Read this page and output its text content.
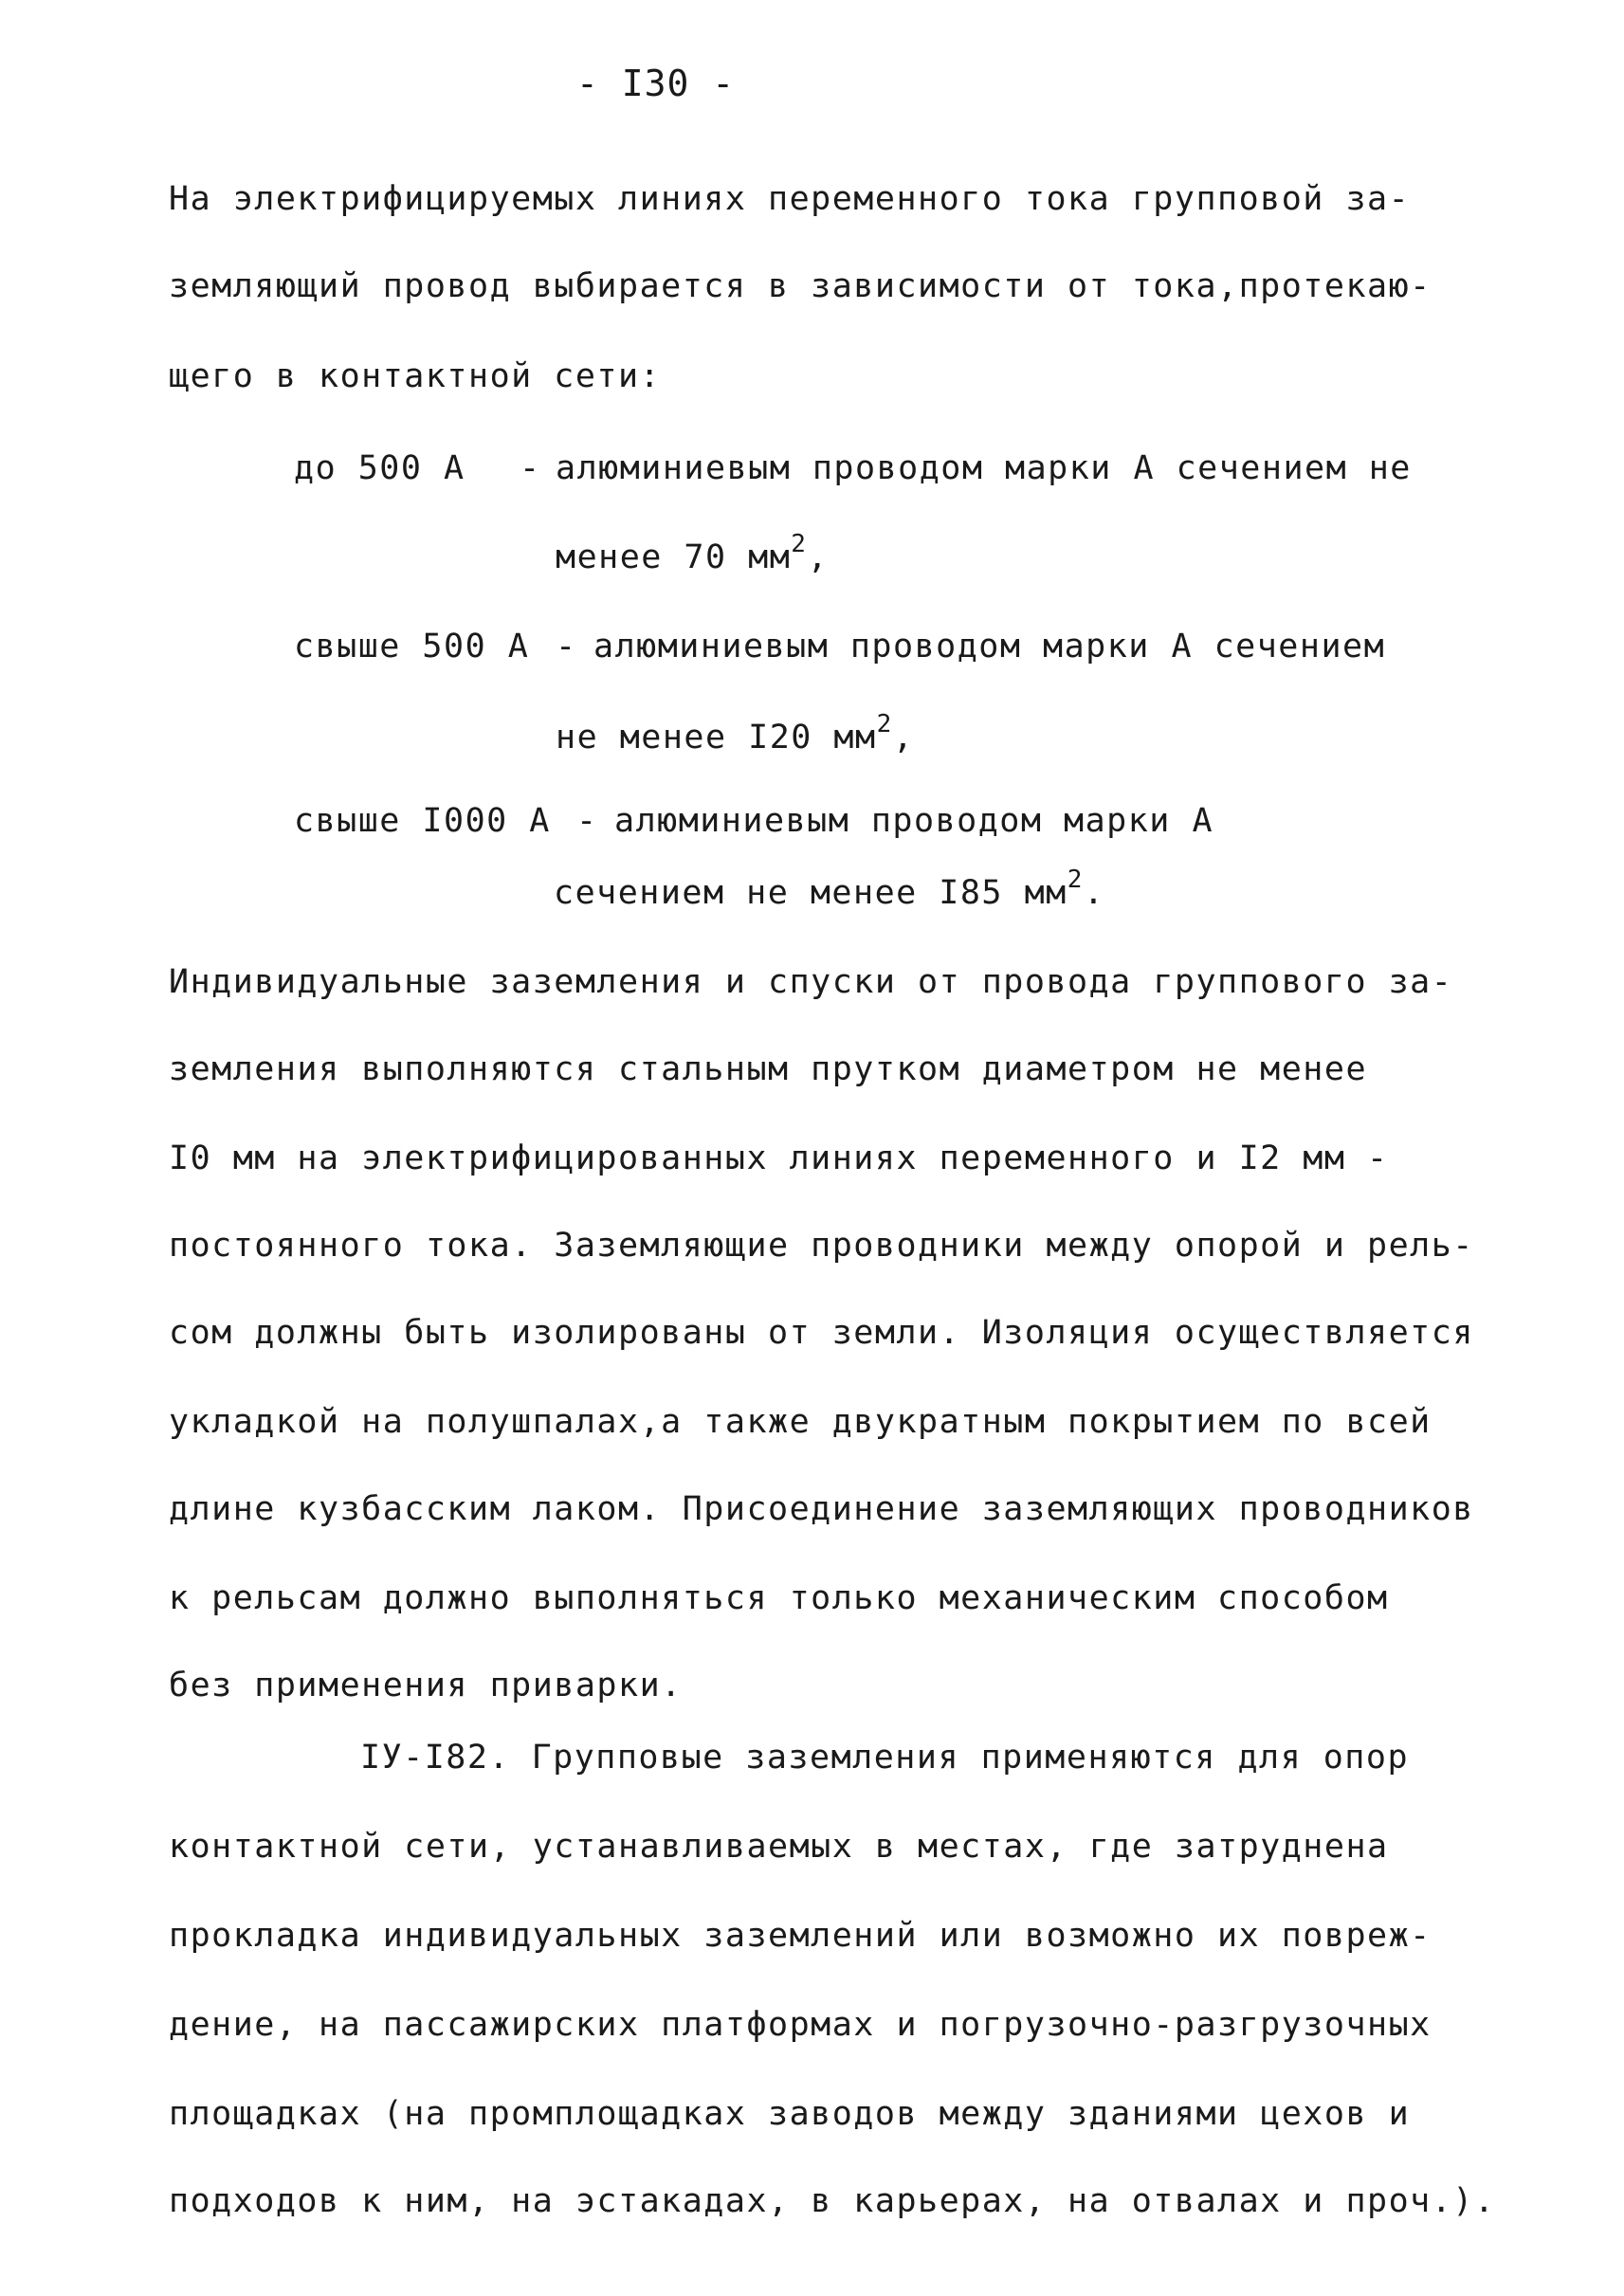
- I30 -
На электрифицируемых линиях переменного тока групповой за-
земляющий провод выбирается в зависимости от тока,протекаю-
щего в контактной сети:
до 500 А - алюминиевым проводом марки А сечением не
менее 70 $мм^2$,
свыше 500 А - алюминиевым проводом марки А сечением
не менее I20 $мм^2$,
свыше I000 А - алюминиевым проводом марки А
сечением не менее I85 $мм^2$.
Индивидуальные заземления и спуски от провода группового за-
земления выполняются стальным прутком диаметром не менее
I0 мм на электрифицированных линиях переменного и I2 мм -
постоянного тока. Заземляющие проводники между опорой и рель-
сом должны быть изолированы от земли. Изоляция осуществляется
укладкой на полушпалах,а также двукратным покрытием по всей
длине кузбасским лаком. Присоединение заземляющих проводников
к рельсам должно выполняться только механическим способом
без применения приварки.
IУ-I82. Групповые заземления применяются для опор
контактной сети, устанавливаемых в местах, где затруднена
прокладка индивидуальных заземлений или возможно их повреж-
дение, на пассажирских платформах и погрузочно-разгрузочных
площадках (на промплощадках заводов между зданиями цехов и
подходов к ним, на эстакадах, в карьерах, на отвалах и проч.).
